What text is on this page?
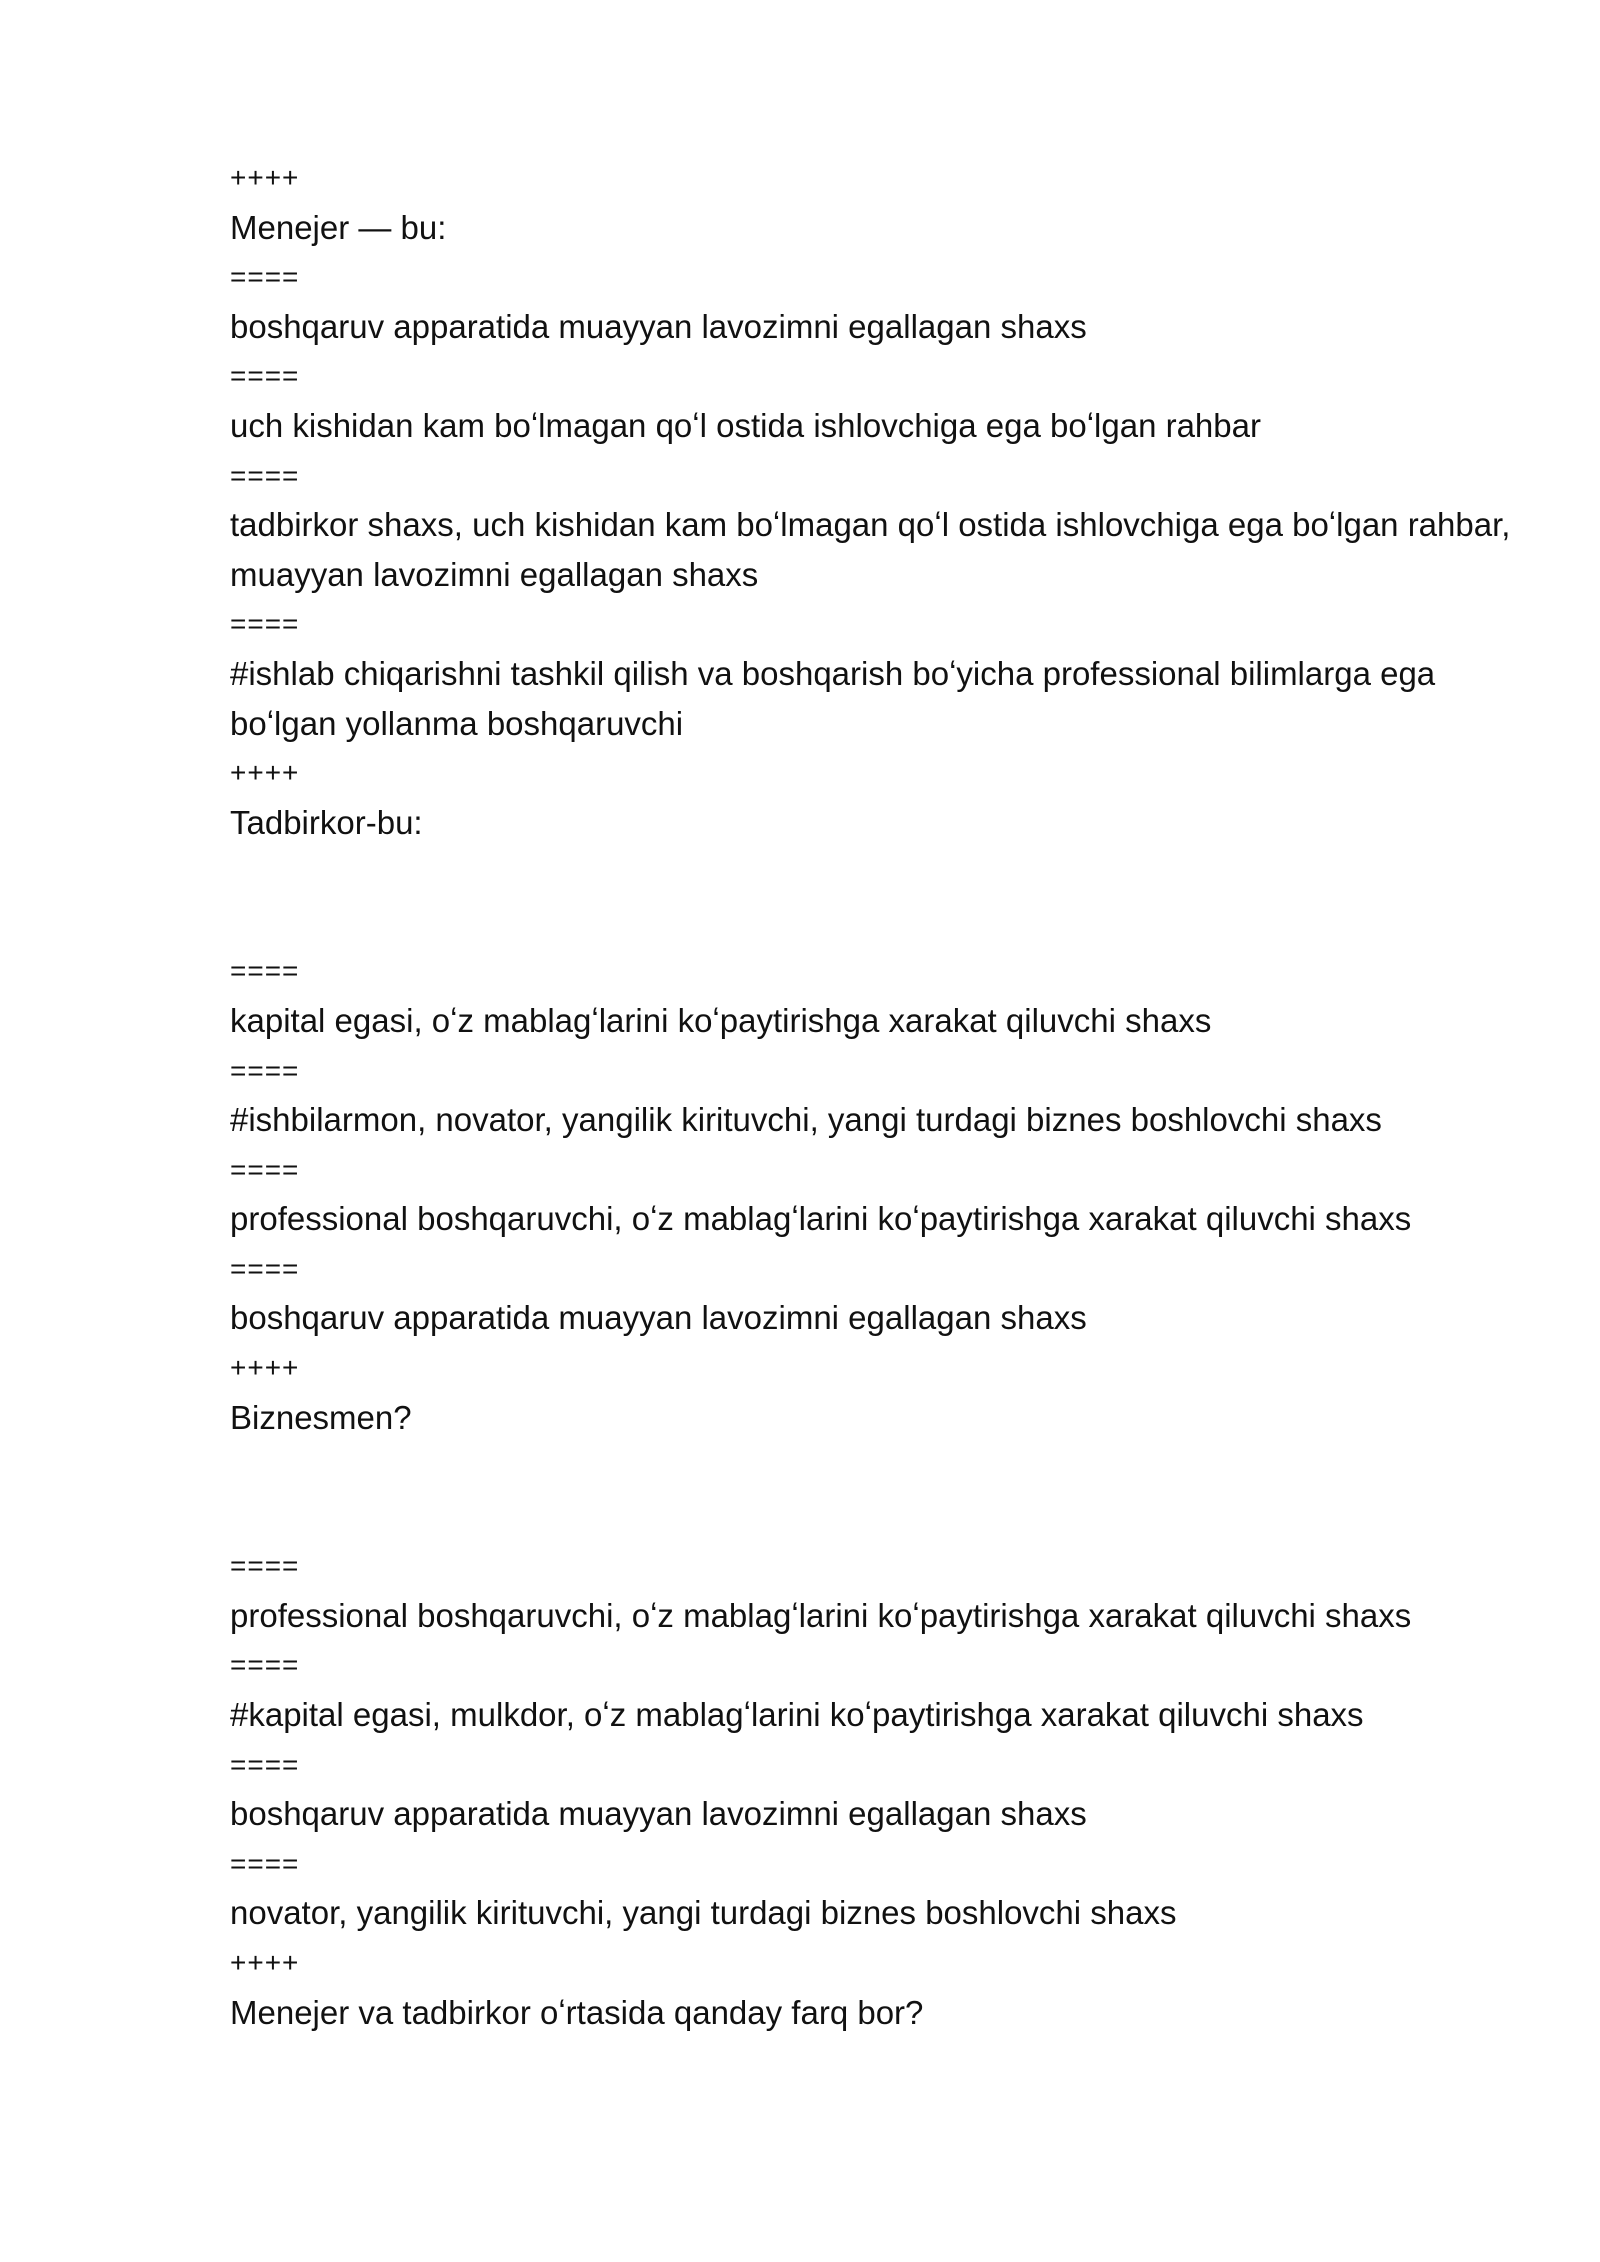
++++

Menejer — bu:

====

boshqaruv apparatida muayyan lavozimni egallagan shaxs

====

uch kishidan kam boʻlmagan qoʻl ostida ishlovchiga ega boʻlgan rahbar

====

tadbirkor shaxs, uch kishidan kam boʻlmagan qoʻl ostida ishlovchiga ega boʻlgan rahbar, muayyan lavozimni egallagan shaxs

====

#ishlab chiqarishni tashkil qilish va boshqarish boʻyicha professional bilimlarga ega boʻlgan yollanma boshqaruvchi

++++

Tadbirkor-bu:

====

kapital egasi, oʻz mablagʻlarini koʻpaytirishga xarakat qiluvchi shaxs

====

#ishbilarmon, novator, yangilik kirituvchi, yangi turdagi biznes boshlovchi shaxs

====

professional boshqaruvchi, oʻz mablagʻlarini koʻpaytirishga xarakat qiluvchi shaxs

====

boshqaruv apparatida muayyan lavozimni egallagan shaxs

++++

Biznesmen?

====

professional boshqaruvchi, oʻz mablagʻlarini koʻpaytirishga xarakat qiluvchi shaxs

====

#kapital egasi, mulkdor, oʻz mablagʻlarini koʻpaytirishga xarakat qiluvchi shaxs

====

boshqaruv apparatida muayyan lavozimni egallagan shaxs

====

novator, yangilik kirituvchi, yangi turdagi biznes boshlovchi shaxs

++++

Menejer va tadbirkor oʻrtasida qanday farq bor?
